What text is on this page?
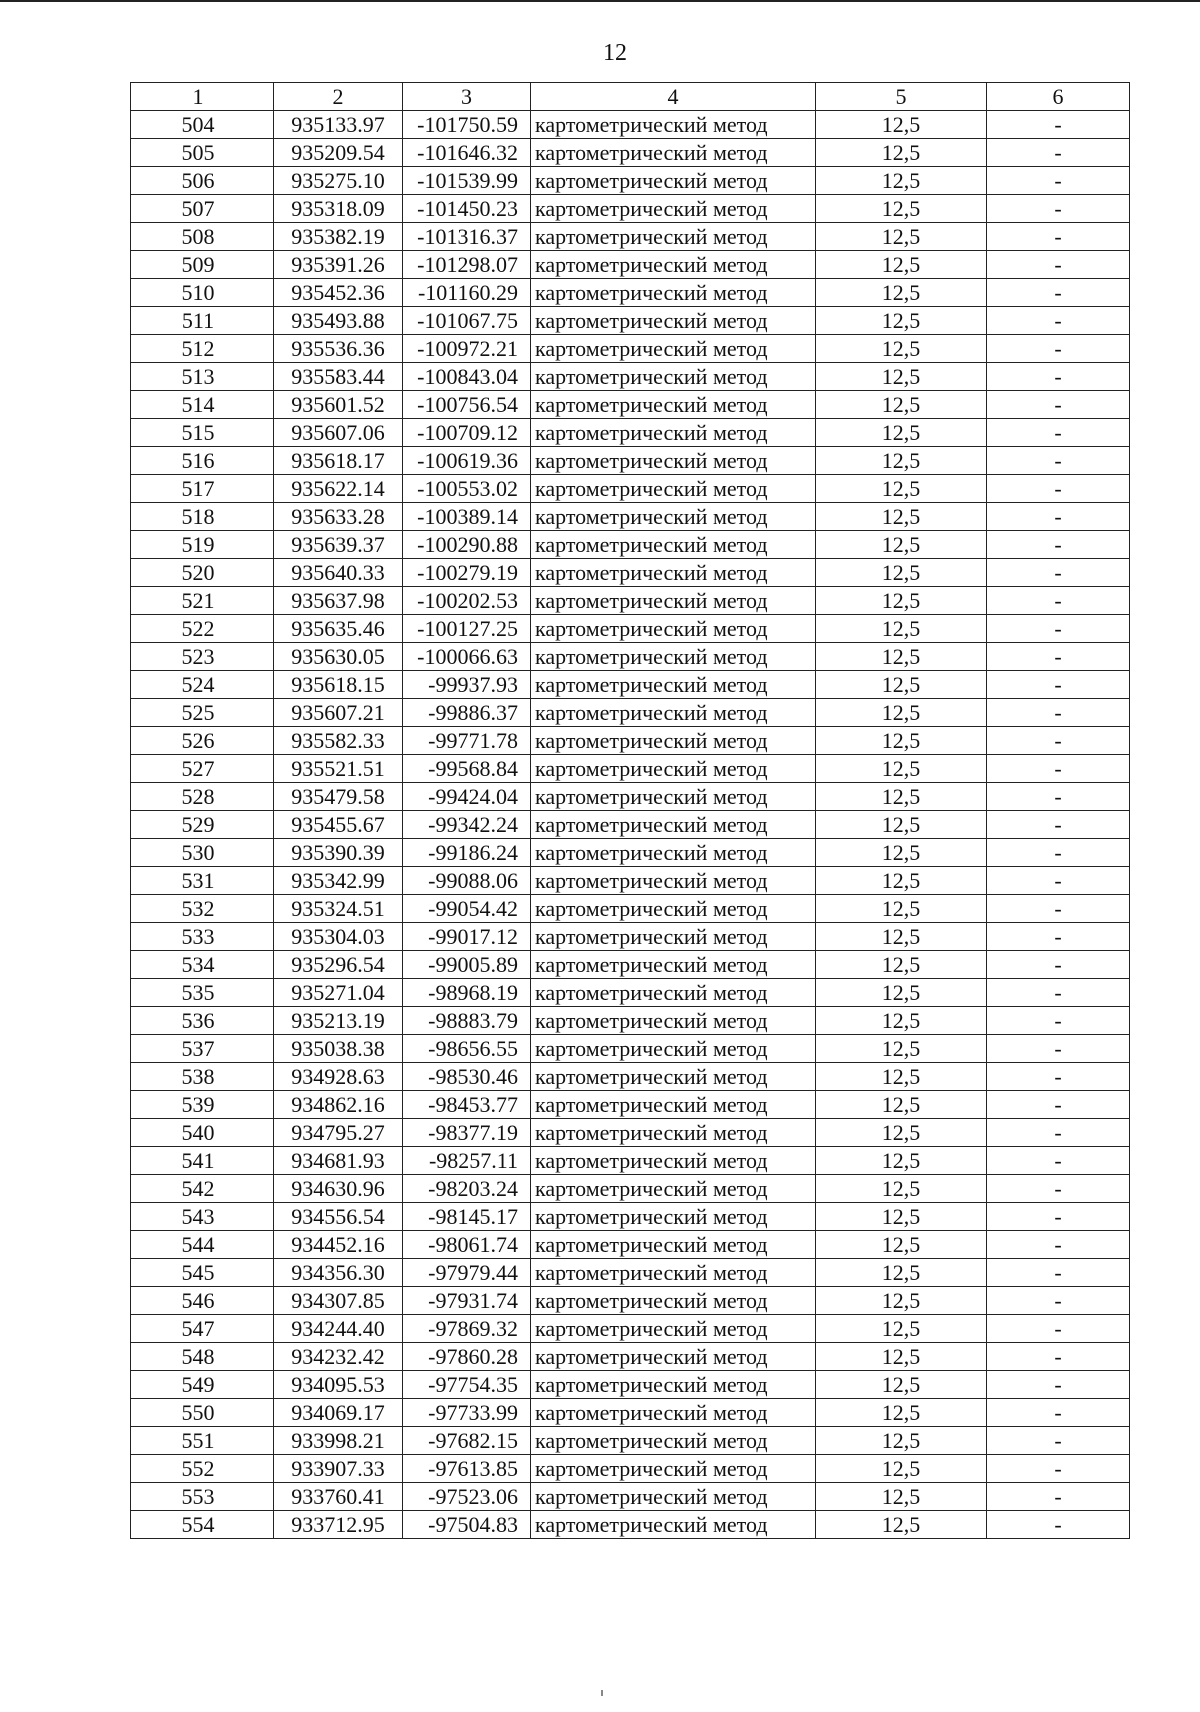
12
1	2	3	4	5	6
504	935133.97	-101750.59	картометрический метод	12,5	-
505	935209.54	-101646.32	картометрический метод	12,5	-
506	935275.10	-101539.99	картометрический метод	12,5	-
507	935318.09	-101450.23	картометрический метод	12,5	-
508	935382.19	-101316.37	картометрический метод	12,5	-
509	935391.26	-101298.07	картометрический метод	12,5	-
510	935452.36	-101160.29	картометрический метод	12,5	-
511	935493.88	-101067.75	картометрический метод	12,5	-
512	935536.36	-100972.21	картометрический метод	12,5	-
513	935583.44	-100843.04	картометрический метод	12,5	-
514	935601.52	-100756.54	картометрический метод	12,5	-
515	935607.06	-100709.12	картометрический метод	12,5	-
516	935618.17	-100619.36	картометрический метод	12,5	-
517	935622.14	-100553.02	картометрический метод	12,5	-
518	935633.28	-100389.14	картометрический метод	12,5	-
519	935639.37	-100290.88	картометрический метод	12,5	-
520	935640.33	-100279.19	картометрический метод	12,5	-
521	935637.98	-100202.53	картометрический метод	12,5	-
522	935635.46	-100127.25	картометрический метод	12,5	-
523	935630.05	-100066.63	картометрический метод	12,5	-
524	935618.15	-99937.93	картометрический метод	12,5	-
525	935607.21	-99886.37	картометрический метод	12,5	-
526	935582.33	-99771.78	картометрический метод	12,5	-
527	935521.51	-99568.84	картометрический метод	12,5	-
528	935479.58	-99424.04	картометрический метод	12,5	-
529	935455.67	-99342.24	картометрический метод	12,5	-
530	935390.39	-99186.24	картометрический метод	12,5	-
531	935342.99	-99088.06	картометрический метод	12,5	-
532	935324.51	-99054.42	картометрический метод	12,5	-
533	935304.03	-99017.12	картометрический метод	12,5	-
534	935296.54	-99005.89	картометрический метод	12,5	-
535	935271.04	-98968.19	картометрический метод	12,5	-
536	935213.19	-98883.79	картометрический метод	12,5	-
537	935038.38	-98656.55	картометрический метод	12,5	-
538	934928.63	-98530.46	картометрический метод	12,5	-
539	934862.16	-98453.77	картометрический метод	12,5	-
540	934795.27	-98377.19	картометрический метод	12,5	-
541	934681.93	-98257.11	картометрический метод	12,5	-
542	934630.96	-98203.24	картометрический метод	12,5	-
543	934556.54	-98145.17	картометрический метод	12,5	-
544	934452.16	-98061.74	картометрический метод	12,5	-
545	934356.30	-97979.44	картометрический метод	12,5	-
546	934307.85	-97931.74	картометрический метод	12,5	-
547	934244.40	-97869.32	картометрический метод	12,5	-
548	934232.42	-97860.28	картометрический метод	12,5	-
549	934095.53	-97754.35	картометрический метод	12,5	-
550	934069.17	-97733.99	картометрический метод	12,5	-
551	933998.21	-97682.15	картометрический метод	12,5	-
552	933907.33	-97613.85	картометрический метод	12,5	-
553	933760.41	-97523.06	картометрический метод	12,5	-
554	933712.95	-97504.83	картометрический метод	12,5	-
